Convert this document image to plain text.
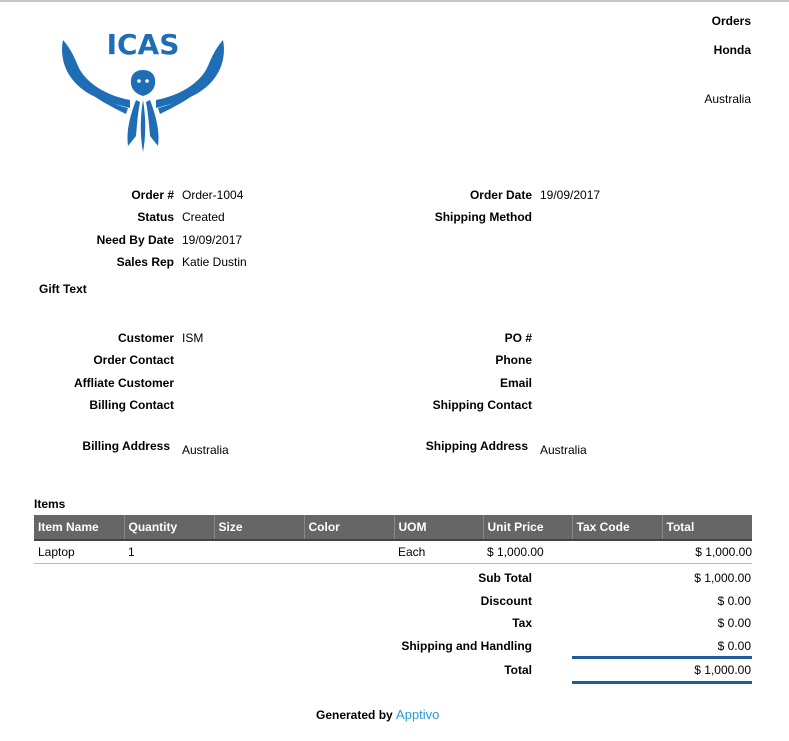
ICAS
Orders
Honda
Australia
Order # Order-1004
Status Created
Need By Date 19/09/2017
Sales Rep Katie Dustin
Order Date 19/09/2017
Shipping Method
Gift Text
Customer ISM
Order Contact
Affliate Customer
Billing Contact
PO #
Phone
Email
Shipping Contact
Billing Address Australia	Shipping Address Australia
Items
Item Name	Quantity	Size	Color	UOM	Unit Price	Tax Code	Total
Laptop	1			Each	$ 1,000.00		$ 1,000.00
Sub Total	$ 1,000.00
Discount	$ 0.00
Tax	$ 0.00
Shipping and Handling	$ 0.00
Total	$ 1,000.00
Generated by Apptivo
